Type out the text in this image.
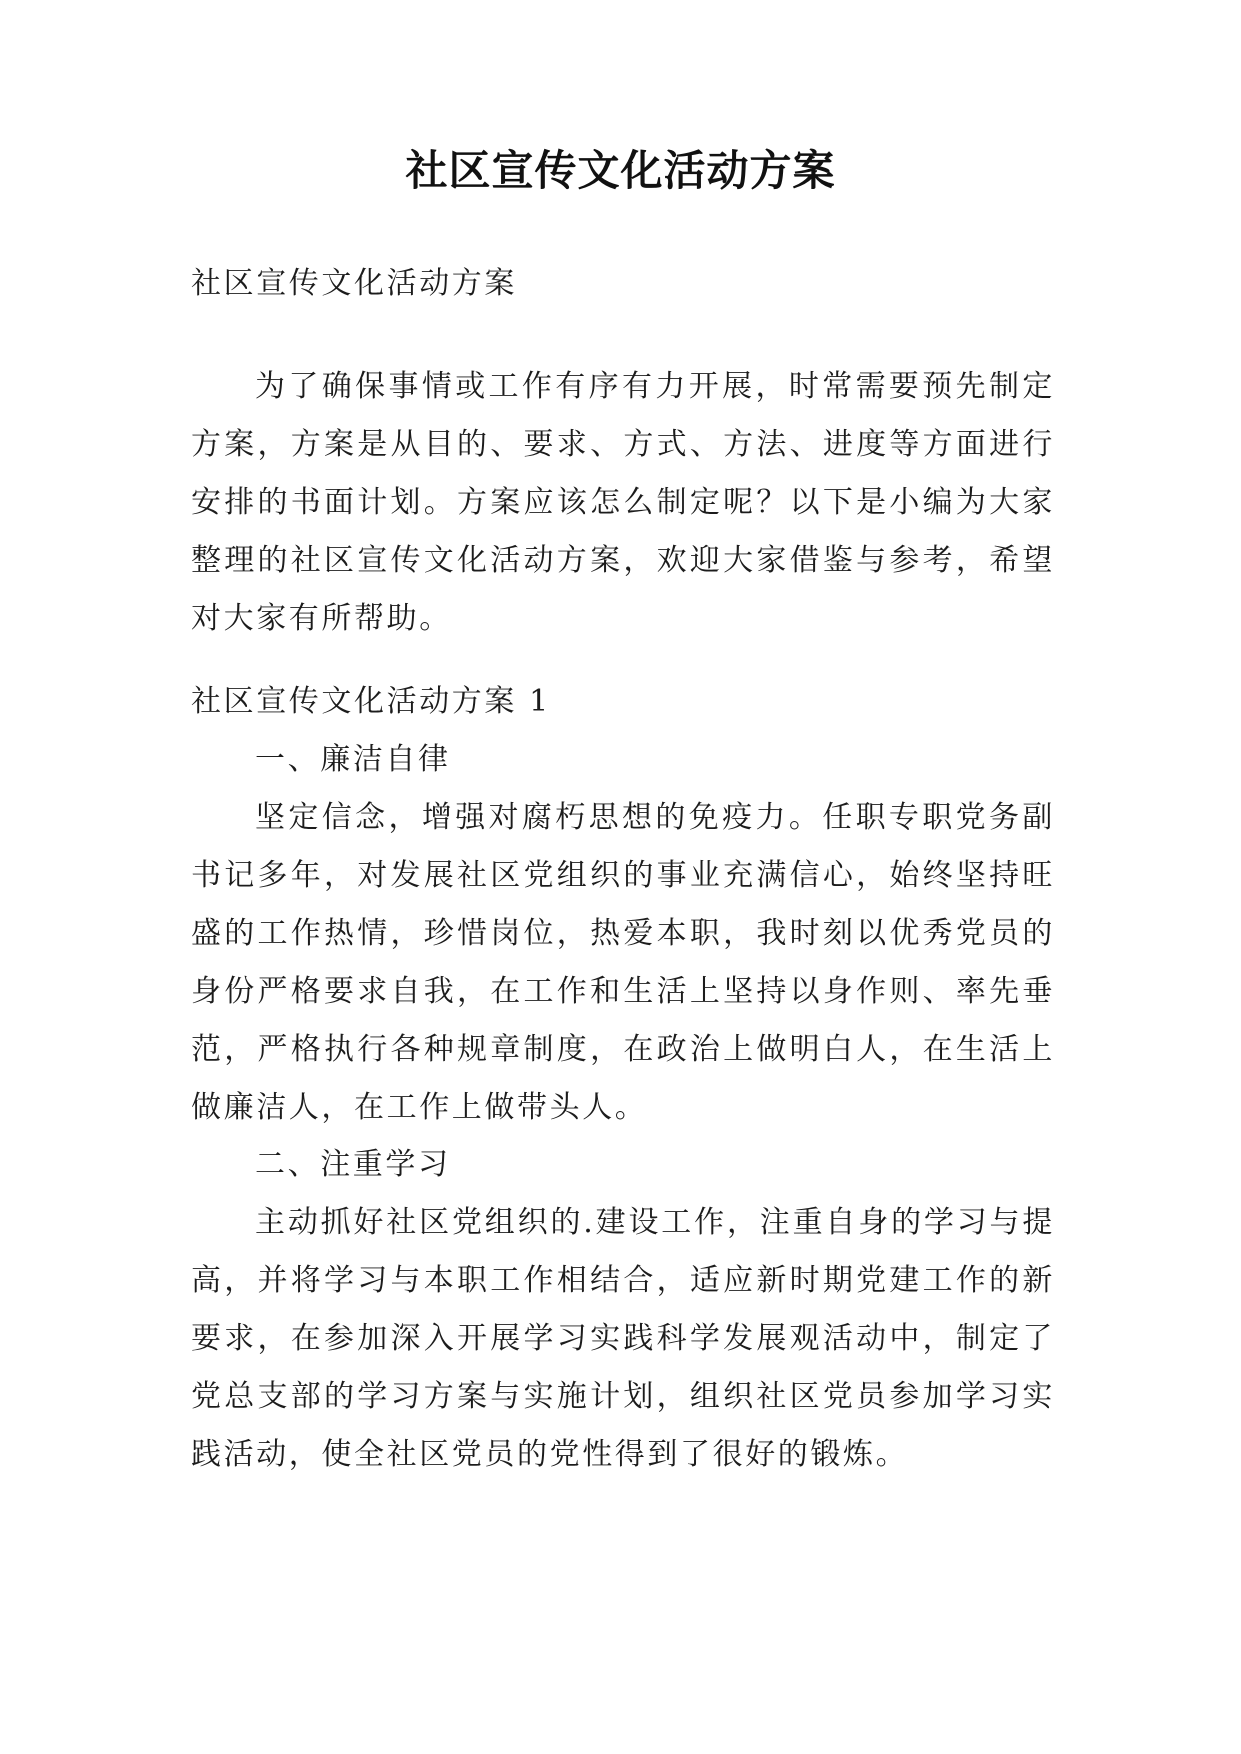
社区宣传文化活动方案
社区宣传文化活动方案
为了确保事情或工作有序有力开展，时常需要预先制定方案，方案是从目的、要求、方式、方法、进度等方面进行安排的书面计划。方案应该怎么制定呢？以下是小编为大家整理的社区宣传文化活动方案，欢迎大家借鉴与参考，希望对大家有所帮助。
社区宣传文化活动方案 1
一、廉洁自律
坚定信念，增强对腐朽思想的免疫力。任职专职党务副书记多年，对发展社区党组织的事业充满信心，始终坚持旺盛的工作热情，珍惜岗位，热爱本职，我时刻以优秀党员的身份严格要求自我，在工作和生活上坚持以身作则、率先垂范，严格执行各种规章制度，在政治上做明白人，在生活上做廉洁人，在工作上做带头人。
二、注重学习
主动抓好社区党组织的.建设工作，注重自身的学习与提高，并将学习与本职工作相结合，适应新时期党建工作的新要求，在参加深入开展学习实践科学发展观活动中，制定了党总支部的学习方案与实施计划，组织社区党员参加学习实践活动，使全社区党员的党性得到了很好的锻炼。
